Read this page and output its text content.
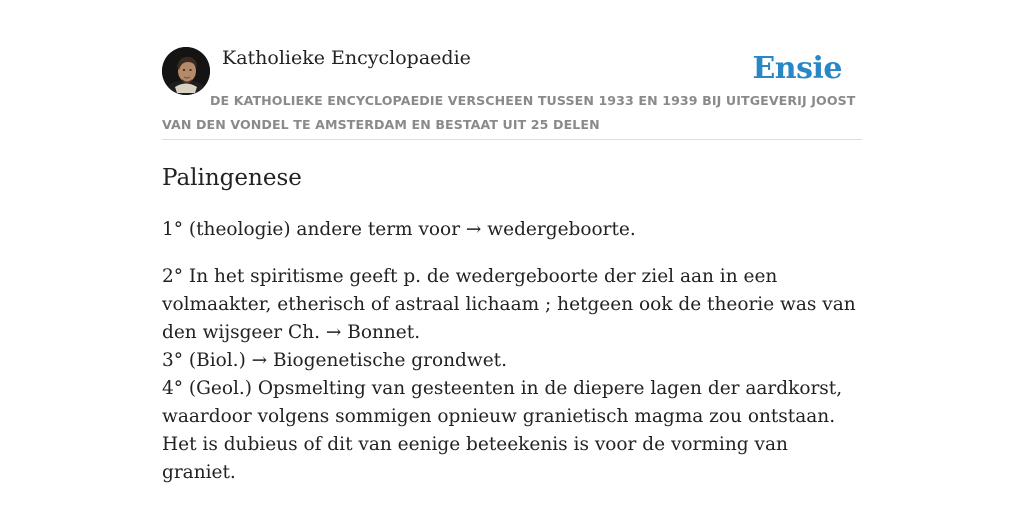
Katholieke Encyclopaedie	Ensie
DE KATHOLIEKE ENCYCLOPAEDIE VERSCHEEN TUSSEN 1933 EN 1939 BIJ UITGEVERIJ JOOST VAN DEN VONDEL TE AMSTERDAM EN BESTAAT UIT 25 DELEN
Palingenese

1° (theologie) andere term voor → wedergeboorte.

2° In het spiritisme geeft p. de wedergeboorte der ziel aan in een volmaakter, etherisch of astraal lichaam ; hetgeen ook de theorie was van den wijsgeer Ch. → Bonnet.

3° (Biol.) → Biogenetische grondwet.

4° (Geol.) Opsmelting van gesteenten in de diepere lagen der aardkorst, waardoor volgens sommigen opnieuw granietisch magma zou ontstaan. Het is dubieus of dit van eenige beteekenis is voor de vorming van graniet.
